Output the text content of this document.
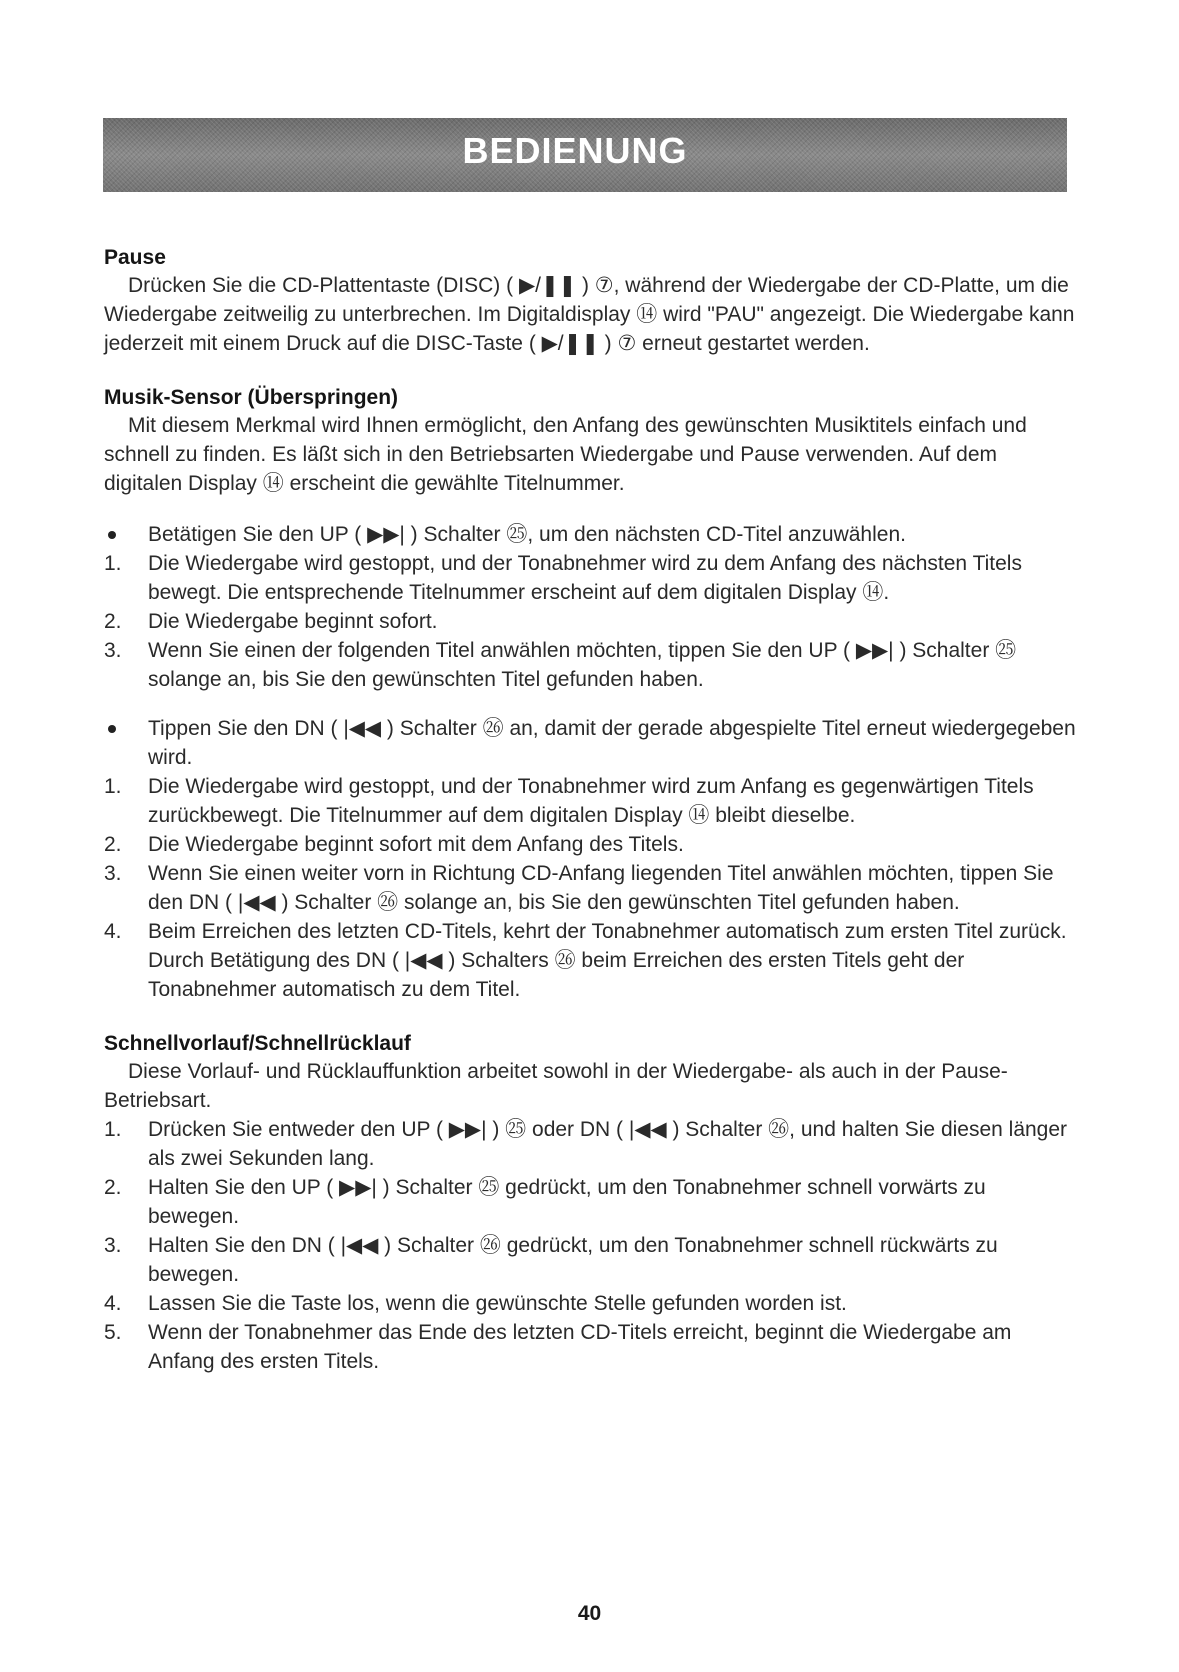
BEDIENUNG
Pause

Drücken Sie die CD-Plattentaste (DISC) ( ▶/❚❚ ) ⑦, während der Wiedergabe der CD-Platte, um die Wiedergabe zeitweilig zu unterbrechen. Im Digitaldisplay ⑭ wird "PAU" angezeigt. Die Wiedergabe kann jederzeit mit einem Druck auf die DISC-Taste ( ▶/❚❚ ) ⑦ erneut gestartet werden.

Musik-Sensor (Überspringen)

Mit diesem Merkmal wird Ihnen ermöglicht, den Anfang des gewünschten Musiktitels einfach und schnell zu finden. Es läßt sich in den Betriebsarten Wiedergabe und Pause verwenden. Auf dem digitalen Display ⑭ erscheint die gewählte Titelnummer.

Betätigen Sie den UP ( ▶▶| ) Schalter ㉕, um den nächsten CD-Titel anzuwählen.

1.	Die Wiedergabe wird gestoppt, und der Tonabnehmer wird zu dem Anfang des nächsten Titels bewegt. Die entsprechende Titelnummer erscheint auf dem digitalen Display ⑭.

2.	Die Wiedergabe beginnt sofort.

3.	Wenn Sie einen der folgenden Titel anwählen möchten, tippen Sie den UP ( ▶▶| ) Schalter ㉕ solange an, bis Sie den gewünschten Titel gefunden haben.

Tippen Sie den DN ( |◀◀ ) Schalter ㉖ an, damit der gerade abgespielte Titel erneut wiedergegeben wird.

1.	Die Wiedergabe wird gestoppt, und der Tonabnehmer wird zum Anfang es gegenwärtigen Titels zurückbewegt. Die Titelnummer auf dem digitalen Display ⑭ bleibt dieselbe.

2.	Die Wiedergabe beginnt sofort mit dem Anfang des Titels.

3.	Wenn Sie einen weiter vorn in Richtung CD-Anfang liegenden Titel anwählen möchten, tippen Sie den DN ( |◀◀ ) Schalter ㉖ solange an, bis Sie den gewünschten Titel gefunden haben.

4.	Beim Erreichen des letzten CD-Titels, kehrt der Tonabnehmer automatisch zum ersten Titel zurück. Durch Betätigung des DN ( |◀◀ ) Schalters ㉖ beim Erreichen des ersten Titels geht der Tonabnehmer automatisch zu dem Titel.

Schnellvorlauf/Schnellrücklauf

Diese Vorlauf- und Rücklauffunktion arbeitet sowohl in der Wiedergabe- als auch in der Pause-Betriebsart.

1.	Drücken Sie entweder den UP ( ▶▶| ) ㉕ oder DN ( |◀◀ ) Schalter ㉖, und halten Sie diesen länger als zwei Sekunden lang.

2.	Halten Sie den UP ( ▶▶| ) Schalter ㉕ gedrückt, um den Tonabnehmer schnell vorwärts zu bewegen.

3.	Halten Sie den DN ( |◀◀ ) Schalter ㉖ gedrückt, um den Tonabnehmer schnell rückwärts zu bewegen.

4.	Lassen Sie die Taste los, wenn die gewünschte Stelle gefunden worden ist.

5.	Wenn der Tonabnehmer das Ende des letzten CD-Titels erreicht, beginnt die Wiedergabe am Anfang des ersten Titels.

40
